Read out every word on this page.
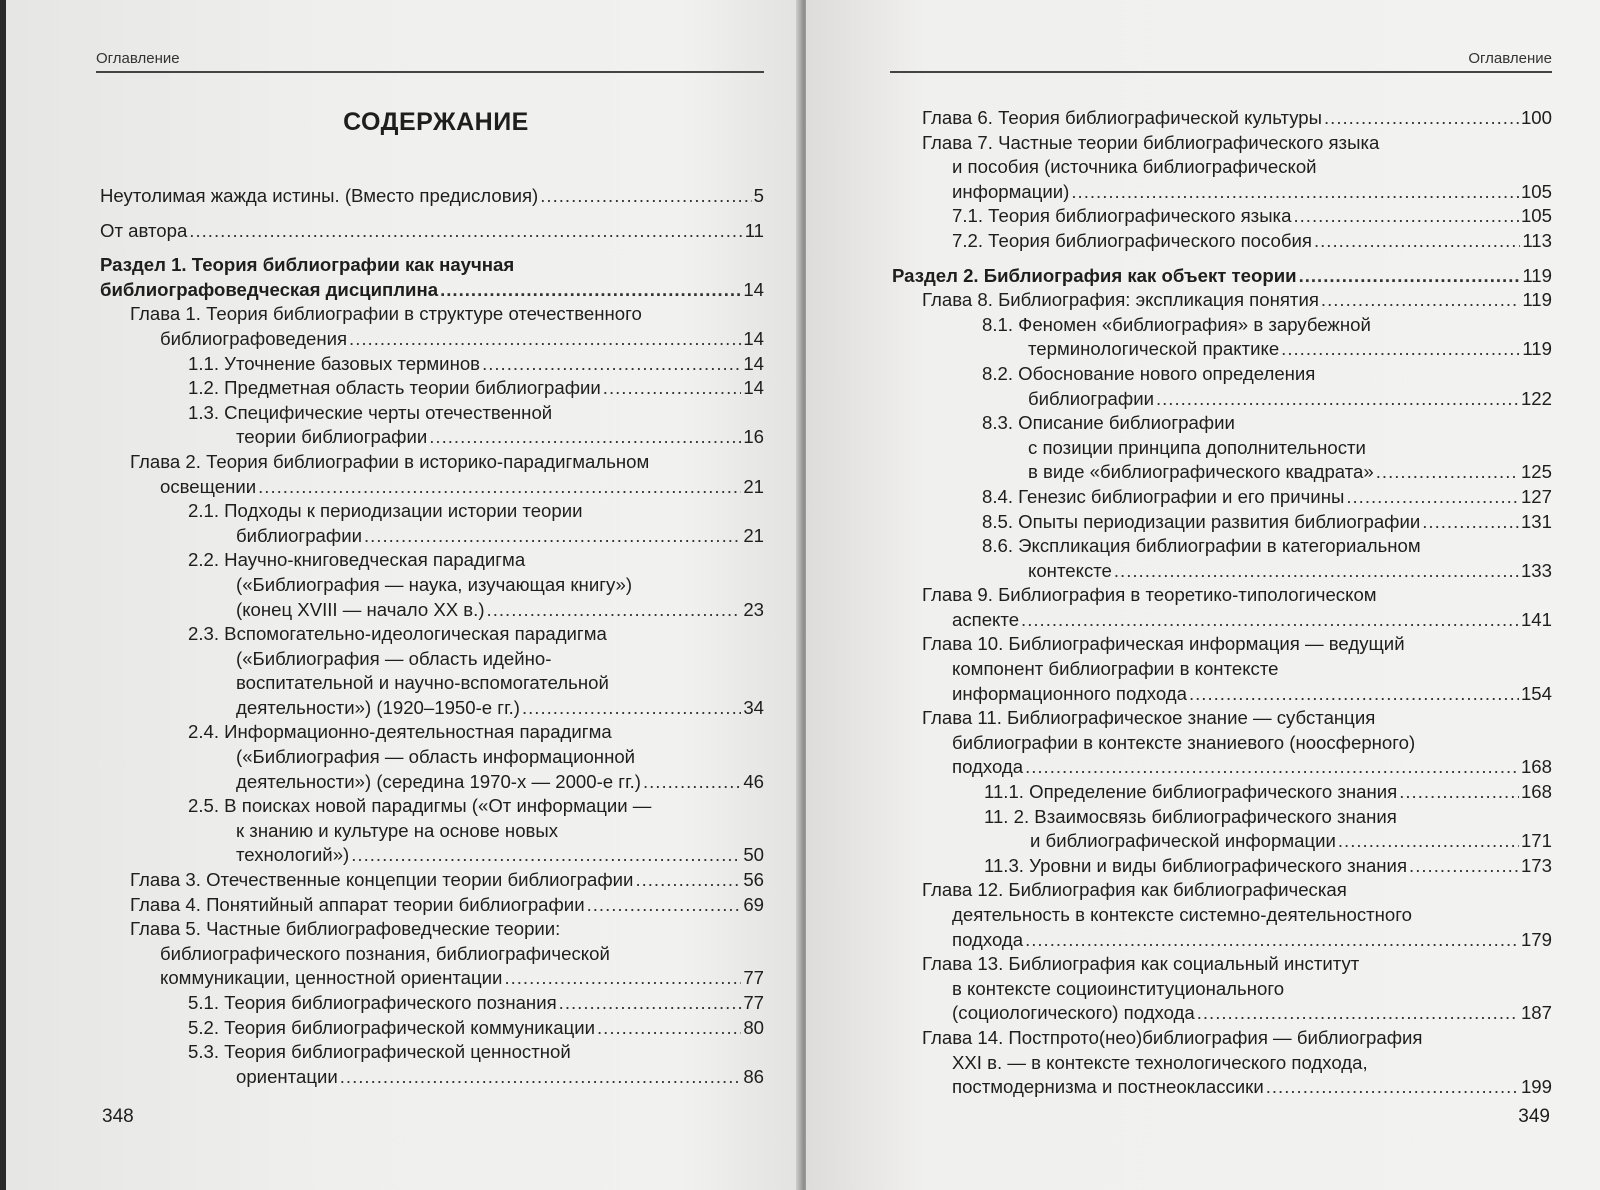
Оглавление
СОДЕРЖАНИЕ
Неутолимая жажда истины. (Вместо предисловия) .....	5
От автора .....	11
Раздел 1. Теория библиографии как научная
библиографоведческая дисциплина .....	14
Глава 1. Теория библиографии в структуре отечественного
библиографоведения .....	14
1.1. Уточнение базовых терминов .....	14
1.2. Предметная область теории библиографии .....	14
1.3. Специфические черты отечественной
теории библиографии .....	16
Глава 2. Теория библиографии в историко-парадигмальном
освещении .....	21
2.1. Подходы к периодизации истории теории
библиографии .....	21
2.2. Научно-книговедческая парадигма
(«Библиография — наука, изучающая книгу»)
(конец XVIII — начало XX в.) .....	23
2.3. Вспомогательно-идеологическая парадигма
(«Библиография — область идейно-
воспитательной и научно-вспомогательной
деятельности») (1920–1950-е гг.) .....	34
2.4. Информационно-деятельностная парадигма
(«Библиография — область информационной
деятельности») (середина 1970-х — 2000-е гг.) .....	46
2.5. В поисках новой парадигмы («От информации —
к знанию и культуре на основе новых
технологий») .....	50
Глава 3. Отечественные концепции теории библиографии .....	56
Глава 4. Понятийный аппарат теории библиографии .....	69
Глава 5. Частные библиографоведческие теории:
библиографического познания, библиографической
коммуникации, ценностной ориентации .....	77
5.1. Теория библиографического познания .....	77
5.2. Теория библиографической коммуникации .....	80
5.3. Теория библиографической ценностной
ориентации .....	86
348
Оглавление
Глава 6. Теория библиографической культуры .....	100
Глава 7. Частные теории библиографического языка
и пособия (источника библиографической
информации) .....	105
7.1. Теория библиографического языка .....	105
7.2. Теория библиографического пособия .....	113
Раздел 2. Библиография как объект теории .....	119
Глава 8. Библиография: экспликация понятия .....	119
8.1. Феномен «библиография» в зарубежной
терминологической практике .....	119
8.2. Обоснование нового определения
библиографии .....	122
8.3. Описание библиографии
с позиции принципа дополнительности
в виде «библиографического квадрата» .....	125
8.4. Генезис библиографии и его причины .....	127
8.5. Опыты периодизации развития библиографии .....	131
8.6. Экспликация библиографии в категориальном
контексте .....	133
Глава 9. Библиография в теоретико-типологическом
аспекте .....	141
Глава 10. Библиографическая информация — ведущий
компонент библиографии в контексте
информационного подхода .....	154
Глава 11. Библиографическое знание — субстанция
библиографии в контексте знаниевого (ноосферного)
подхода .....	168
11.1. Определение библиографического знания .....	168
11. 2. Взаимосвязь библиографического знания
и библиографической информации .....	171
11.3. Уровни и виды библиографического знания .....	173
Глава 12. Библиография как библиографическая
деятельность в контексте системно-деятельностного
подхода .....	179
Глава 13. Библиография как социальный институт
в контексте социоинституционального
(социологического) подхода .....	187
Глава 14. Постпрото(нео)библиография — библиография
XXI в. — в контексте технологического подхода,
постмодернизма и постнеоклассики .....	199
349
